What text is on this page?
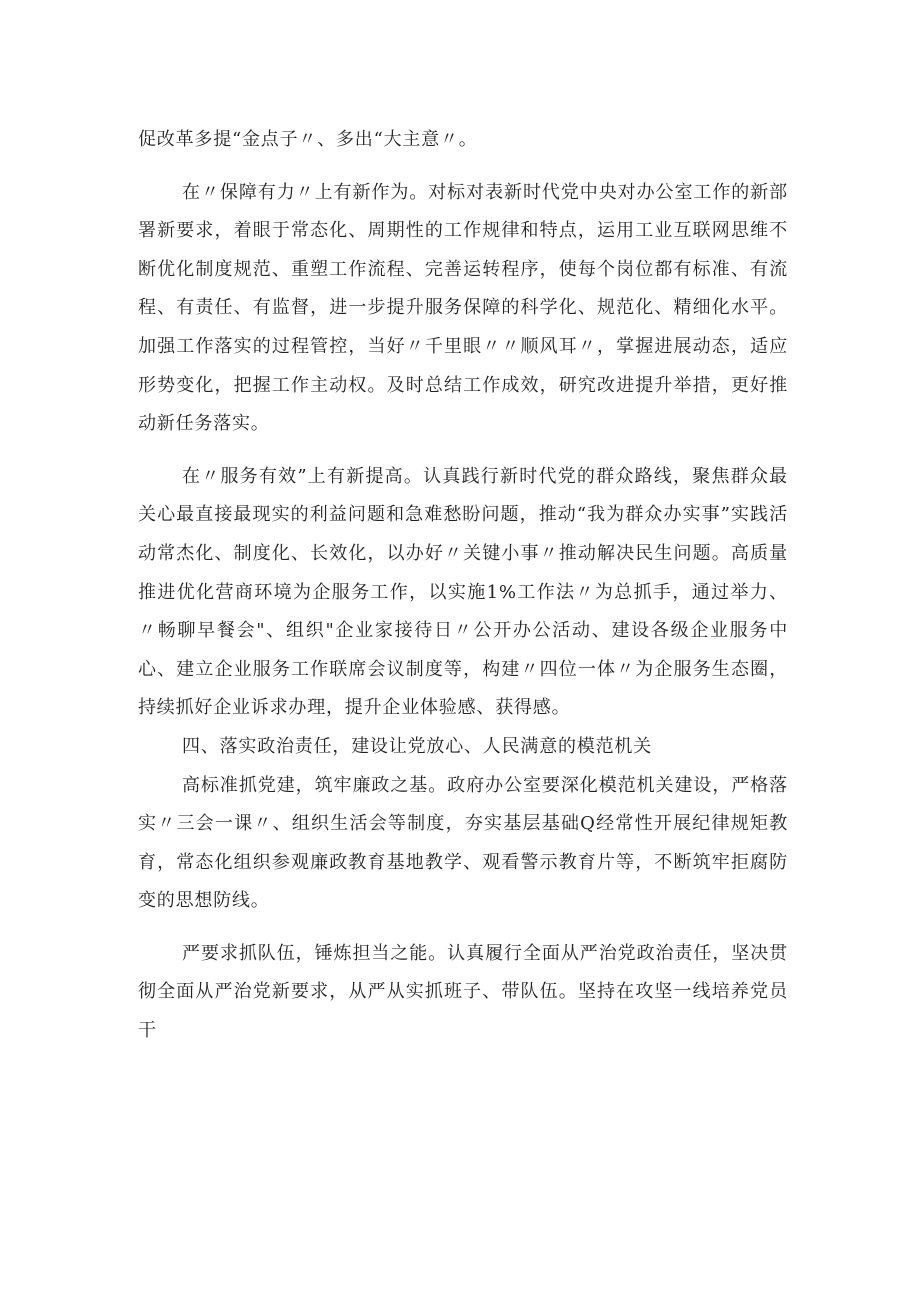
促改革多提“金点子〃、多出“大主意〃。

在〃保障有力〃上有新作为。对标对表新时代党中央对办公室工作的新部署新要求，着眼于常态化、周期性的工作规律和特点，运用工业互联网思维不断优化制度规范、重塑工作流程、完善运转程序，使每个岗位都有标准、有流程、有责任、有监督，进一步提升服务保障的科学化、规范化、精细化水平。加强工作落实的过程管控，当好〃千里眼〃〃顺风耳〃，掌握进展动态，适应形势变化，把握工作主动权。及时总结工作成效，研究改进提升举措，更好推动新任务落实。

在〃服务有效”上有新提高。认真践行新时代党的群众路线，聚焦群众最关心最直接最现实的利益问题和急难愁盼问题，推动“我为群众办实事”实践活动常杰化、制度化、长效化，以办好〃关键小事〃推动解决民生问题。高质量推进优化营商环境为企服务工作，以实施1%工作法〃为总抓手，通过举力、〃畅聊早餐会"、组织"企业家接待日〃公开办公活动、建设各级企业服务中心、建立企业服务工作联席会议制度等，构建〃四位一体〃为企服务生态圈，持续抓好企业诉求办理，提升企业体验感、获得感。

四、落实政治责任，建设让党放心、人民满意的模范机关

高标准抓党建，筑牢廉政之基。政府办公室要深化模范机关建设，严格落实〃三会一课〃、组织生活会等制度，夯实基层基础Q经常性开展纪律规矩教育，常态化组织参观廉政教育基地教学、观看警示教育片等，不断筑牢拒腐防变的思想防线。

严要求抓队伍，锤炼担当之能。认真履行全面从严治党政治责任，坚决贯彻全面从严治党新要求，从严从实抓班子、带队伍。坚持在攻坚一线培养党员干
